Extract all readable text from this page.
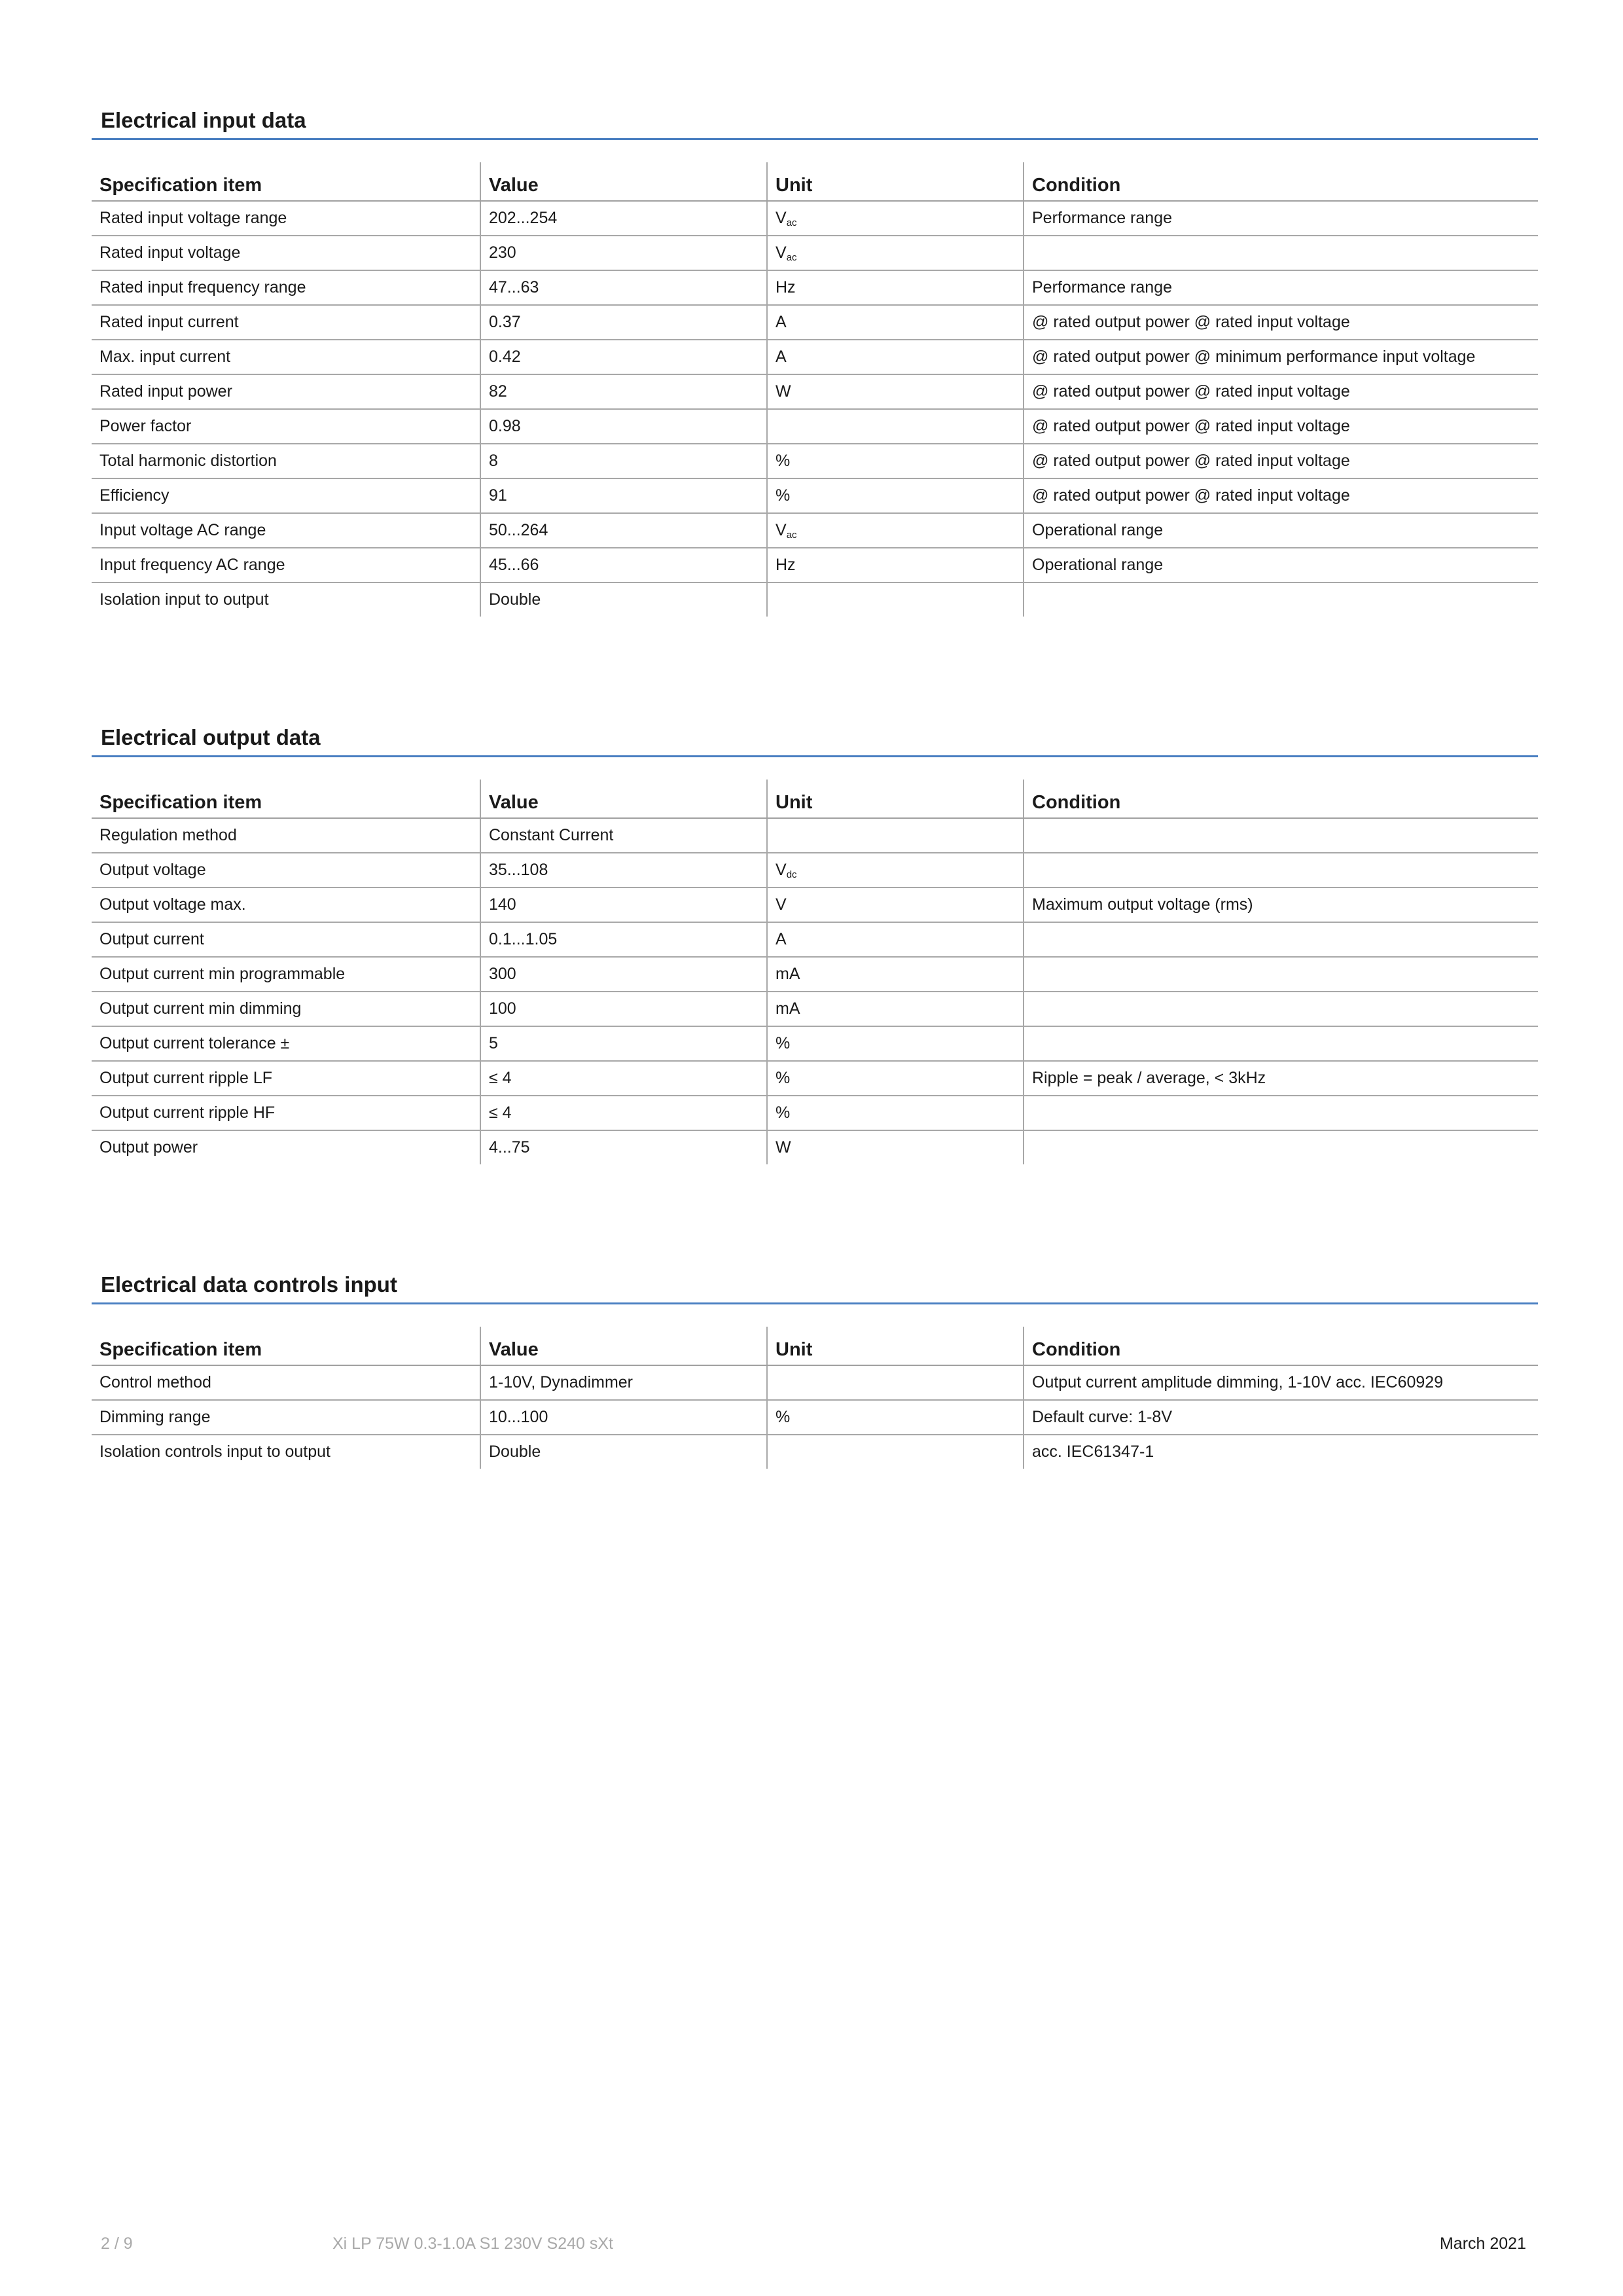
Electrical input data
Specification item	Value	Unit	Condition
Rated input voltage range	202...254	$V_{ac}$	Performance range
Rated input voltage	230	$V_{ac}$	
Rated input frequency range	47...63	Hz	Performance range
Rated input current	0.37	A	@ rated output power @ rated input voltage
Max. input current	0.42	A	@ rated output power @ minimum performance input voltage
Rated input power	82	W	@ rated output power @ rated input voltage
Power factor	0.98		@ rated output power @ rated input voltage
Total harmonic distortion	8	%	@ rated output power @ rated input voltage
Efficiency	91	%	@ rated output power @ rated input voltage
Input voltage AC range	50...264	$V_{ac}$	Operational range
Input frequency AC range	45...66	Hz	Operational range
Isolation input to output	Double		
Electrical output data
Specification item	Value	Unit	Condition
Regulation method	Constant Current		
Output voltage	35...108	$V_{dc}$	
Output voltage max.	140	V	Maximum output voltage (rms)
Output current	0.1...1.05	A	
Output current min programmable	300	mA	
Output current min dimming	100	mA	
Output current tolerance ±	5	%	
Output current ripple LF	≤ 4	%	Ripple = peak / average, < 3kHz
Output current ripple HF	≤ 4	%	
Output power	4...75	W	
Electrical data controls input
Specification item	Value	Unit	Condition
Control method	1-10V, Dynadimmer		Output current amplitude dimming, 1-10V acc. IEC60929
Dimming range	10...100	%	Default curve: 1-8V
Isolation controls input to output	Double		acc. IEC61347-1
2 / 9	Xi LP 75W 0.3-1.0A S1 230V S240 sXt	March 2021
